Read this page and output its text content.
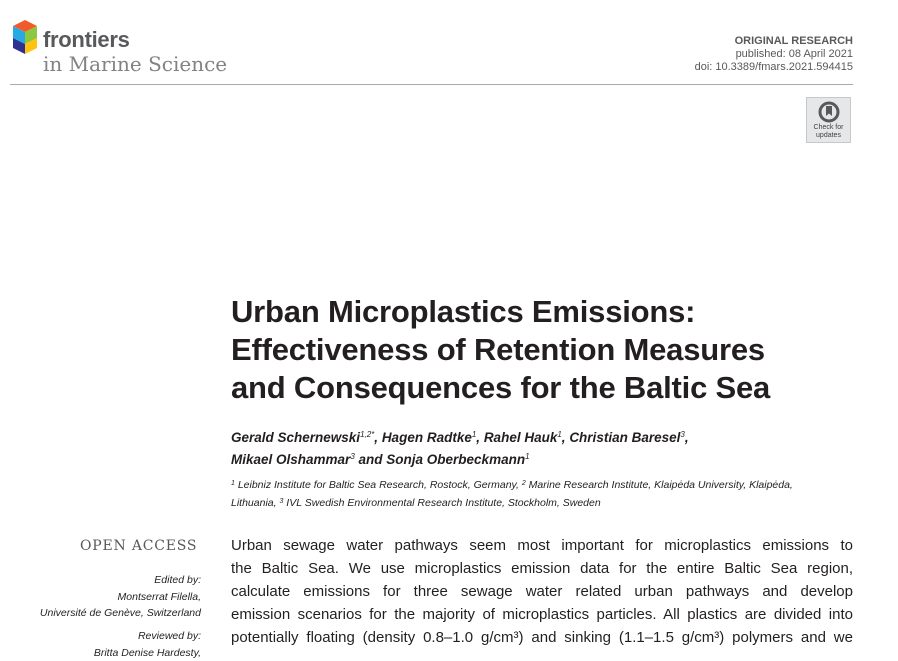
frontiers
in Marine Science
ORIGINAL RESEARCH
published: 08 April 2021
doi: 10.3389/fmars.2021.594415
Check for
updates
Urban Microplastics Emissions:
Effectiveness of Retention Measures
and Consequences for the Baltic Sea
Gerald Schernewski$^{1,2*}$, Hagen Radtke$^1$, Rahel Hauk$^1$, Christian Baresel$^3$,
Mikael Olshammar$^3$ and Sonja Oberbeckmann$^1$
$^1$ Leibniz Institute for Baltic Sea Research, Rostock, Germany, $^2$ Marine Research Institute, Klaipėda University, Klaipėda,
Lithuania, $^3$ IVL Swedish Environmental Research Institute, Stockholm, Sweden
OPEN ACCESS
Edited by:
Montserrat Filella,
Université de Genève, Switzerland
Reviewed by:
Britta Denise Hardesty,
Urban sewage water pathways seem most important for microplastics emissions to
the Baltic Sea. We use microplastics emission data for the entire Baltic Sea region,
calculate emissions for three sewage water related urban pathways and develop
emission scenarios for the majority of microplastics particles. All plastics are divided into
potentially floating (density 0.8–1.0 g/cm³) and sinking (1.1–1.5 g/cm³) polymers and we
